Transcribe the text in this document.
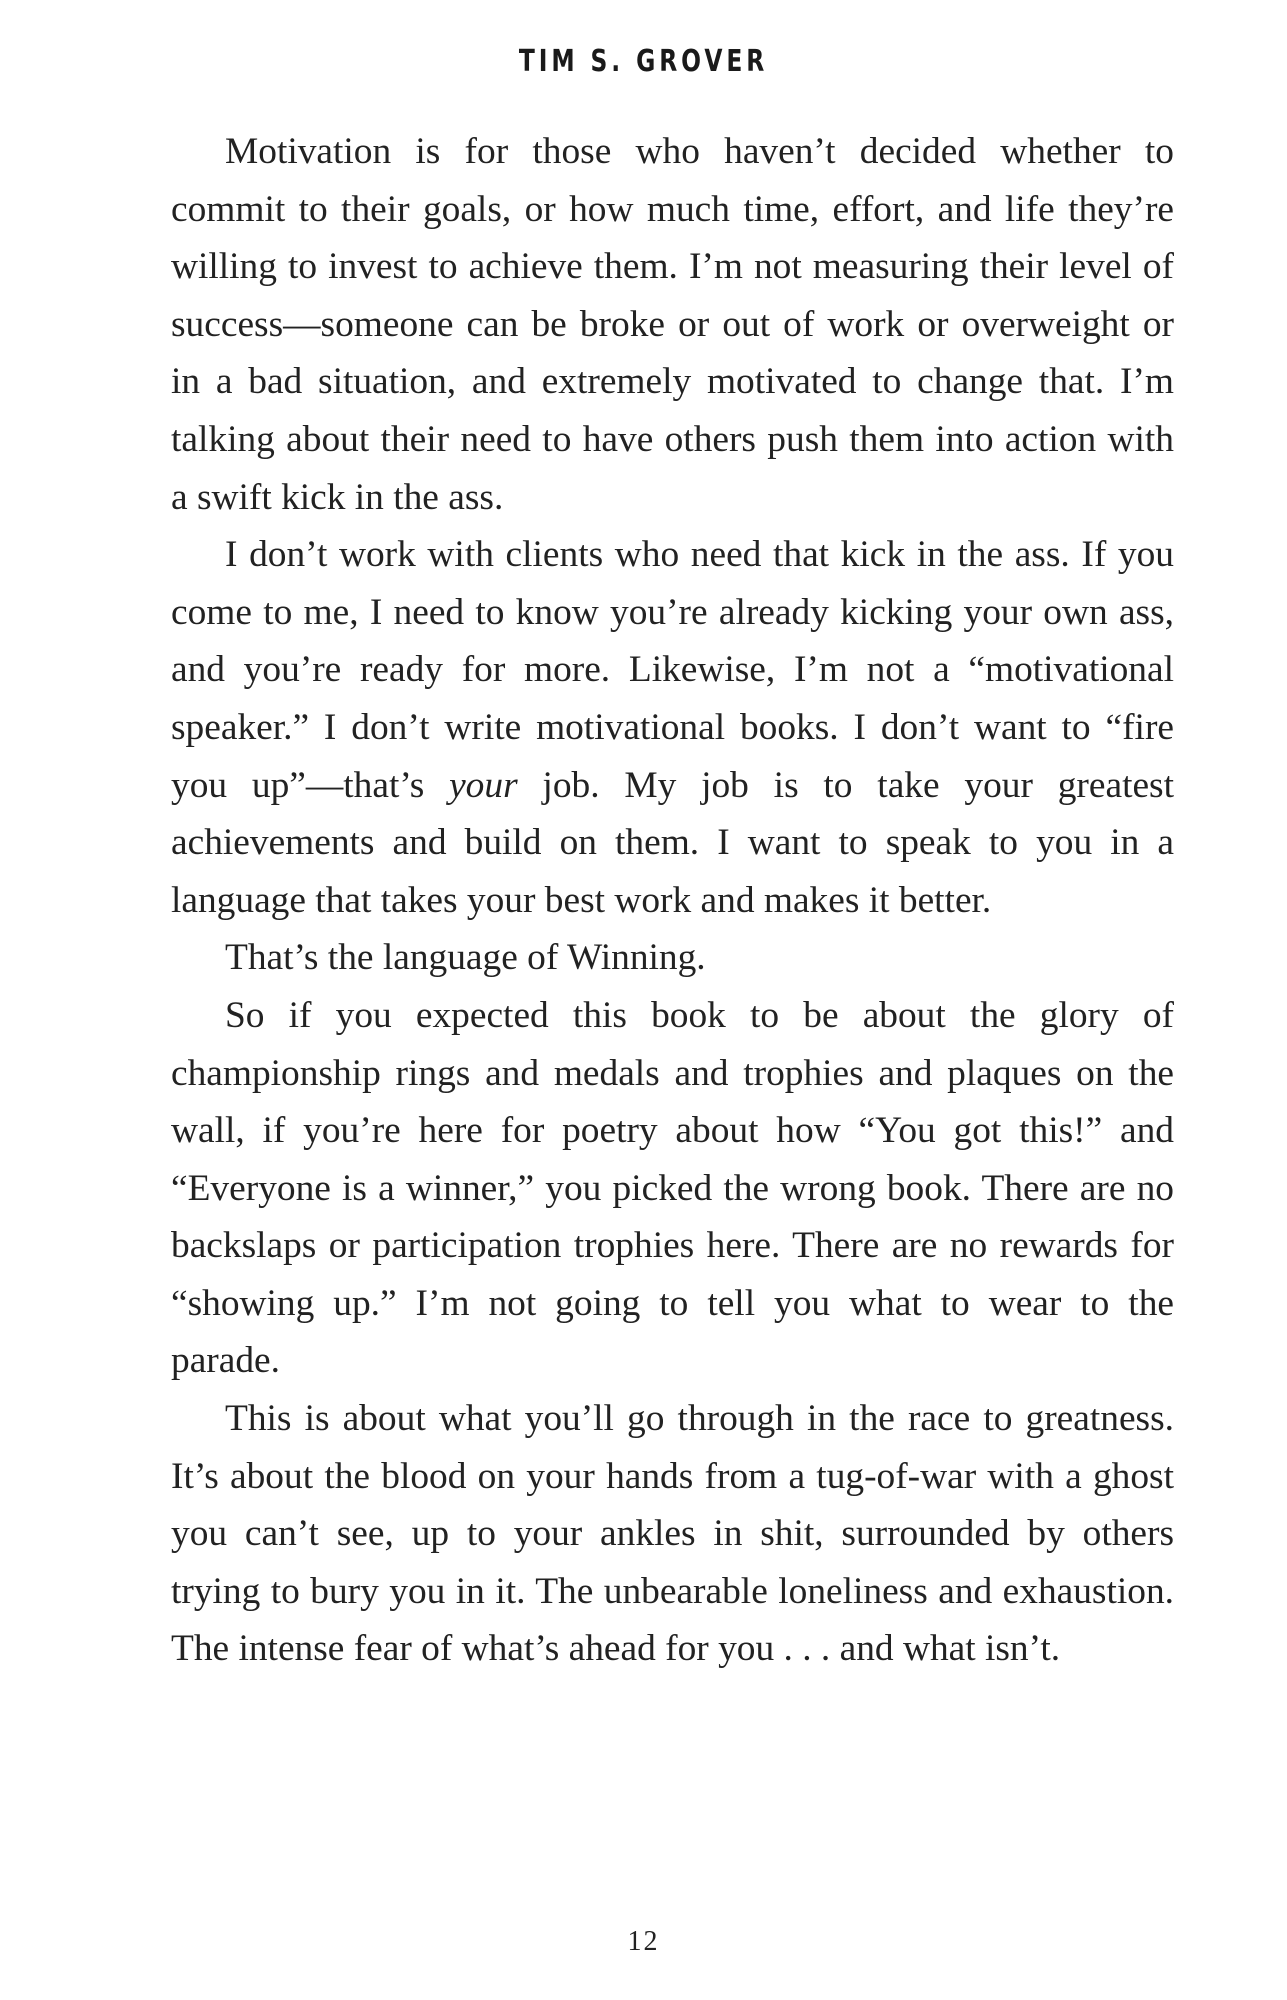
TIM S. GROVER

Motivation is for those who haven’t decided whether to commit to their goals, or how much time, effort, and life they’re willing to invest to achieve them. I’m not measuring their level of success—someone can be broke or out of work or overweight or in a bad situation, and extremely motivated to change that. I’m talking about their need to have others push them into action with a swift kick in the ass.

I don’t work with clients who need that kick in the ass. If you come to me, I need to know you’re already kicking your own ass, and you’re ready for more. Likewise, I’m not a “motivational speaker.” I don’t write motivational books. I don’t want to “fire you up”—that’s your job. My job is to take your greatest achievements and build on them. I want to speak to you in a language that takes your best work and makes it better.

That’s the language of Winning.

So if you expected this book to be about the glory of championship rings and medals and trophies and plaques on the wall, if you’re here for poetry about how “You got this!” and “Everyone is a winner,” you picked the wrong book. There are no backslaps or participation trophies here. There are no rewards for “showing up.” I’m not going to tell you what to wear to the parade.

This is about what you’ll go through in the race to greatness. It’s about the blood on your hands from a tug-of-war with a ghost you can’t see, up to your ankles in shit, surrounded by others trying to bury you in it. The unbearable loneliness and exhaustion. The intense fear of what’s ahead for you . . . and what isn’t.

12
